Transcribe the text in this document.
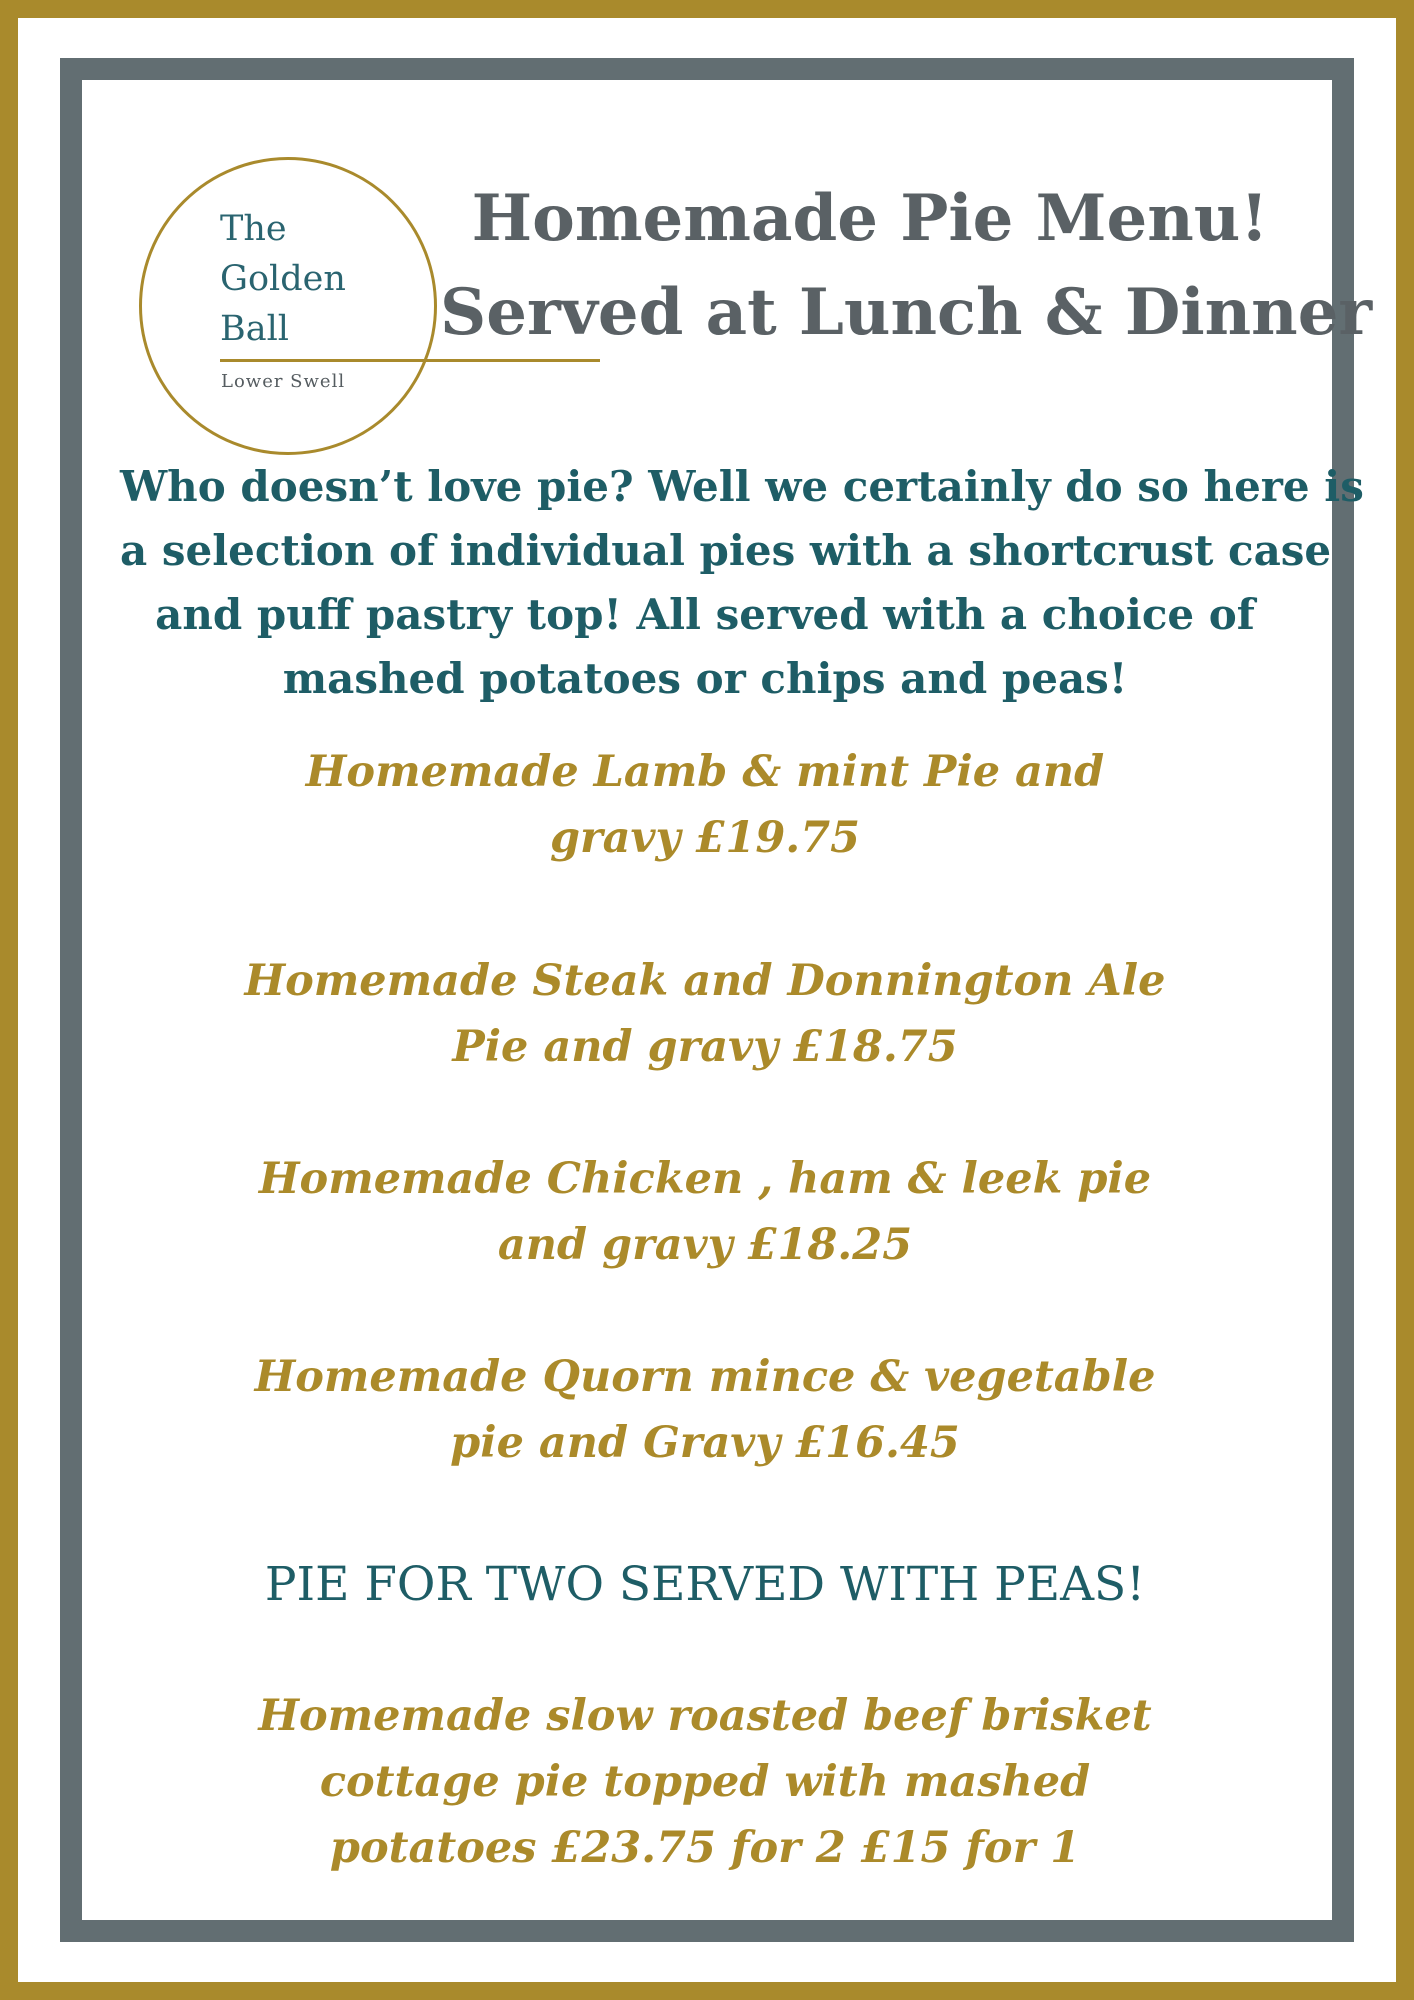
The
Golden
Ball
Lower Swell
Homemade Pie Menu!
Served at Lunch & Dinner
Who doesn’t love pie? Well we certainly do so here is
a selection of individual pies with a shortcrust case
and puff pastry top! All served with a choice of
mashed potatoes or chips and peas!
Homemade Lamb & mint Pie and
gravy £19.75
Homemade Steak and Donnington Ale
Pie and gravy £18.75
Homemade Chicken , ham & leek pie
and gravy £18.25
Homemade Quorn mince & vegetable
pie and Gravy £16.45
PIE FOR TWO SERVED WITH PEAS!
Homemade slow roasted beef brisket
cottage pie topped with mashed
potatoes £23.75 for 2 £15 for 1
